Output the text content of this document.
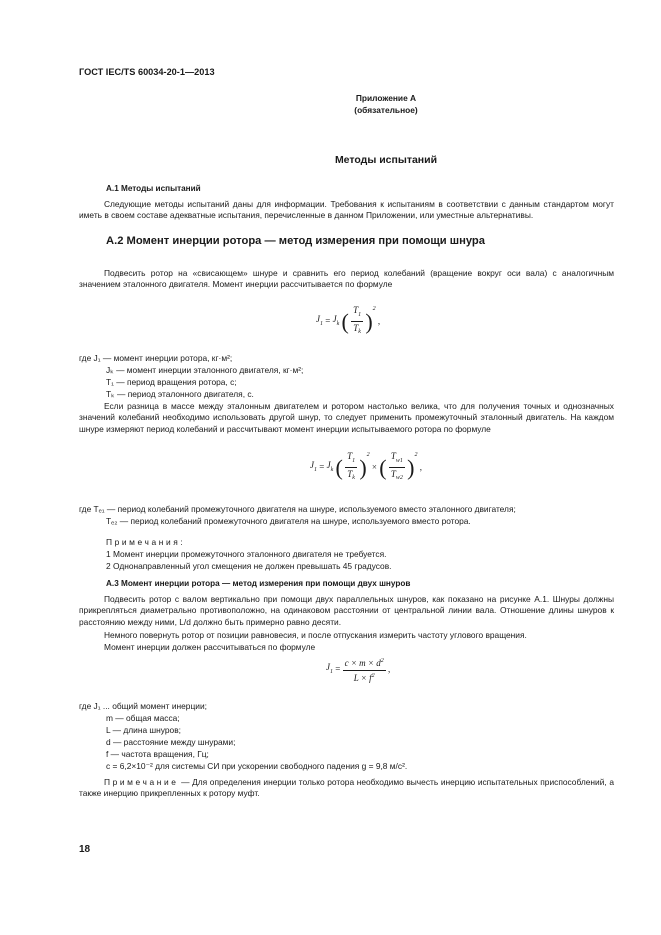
ГОСТ IEC/TS 60034-20-1—2013
Приложение А
(обязательное)
Методы испытаний
А.1 Методы испытаний
Следующие методы испытаний даны для информации. Требования к испытаниям в соответствии с данным стандартом могут иметь в своем составе адекватные испытания, перечисленные в данном Приложении, или уместные альтернативы.
А.2 Момент инерции ротора — метод измерения при помощи шнура
Подвесить ротор на «свисающем» шнуре и сравнить его период колебаний (вращение вокруг оси вала) с аналогичным значением эталонного двигателя. Момент инерции рассчитывается по формуле
$J_1 = J_k$ ( $\frac{T_1}{T_k} )^2$ ,
где J₁ — момент инерции ротора, кг·м²;
Jₖ — момент инерции эталонного двигателя, кг·м²;
T₁ — период вращения ротора, с;
Tₖ — период эталонного двигателя, с.
Если разница в массе между эталонным двигателем и ротором настолько велика, что для получения точных и однозначных значений колебаний необходимо использовать другой шнур, то следует применить промежуточный эталонный двигатель. На каждом шнуре измеряют период колебаний и рассчитывают момент инерции испытываемого ротора по формуле
$J_1 = J_k$ ( $\frac{T_1}{T_k} )^2$ × ( $\frac{T_{w1}}{T_{w2}} )^2$ ,
где Tₑ₁ — период колебаний промежуточного двигателя на шнуре, используемого вместо эталонного двигателя;
Tₑ₂ — период колебаний промежуточного двигателя на шнуре, используемого вместо ротора.
Примечания:
1 Момент инерции промежуточного эталонного двигателя не требуется.
2 Однонаправленный угол смещения не должен превышать 45 градусов.
А.3 Момент инерции ротора — метод измерения при помощи двух шнуров
Подвесить ротор с валом вертикально при помощи двух параллельных шнуров, как показано на рисунке А.1. Шнуры должны прикрепляться диаметрально противоположно, на одинаковом расстоянии от центральной линии вала. Отношение длины шнуров к расстоянию между ними, L/d должно быть примерно равно десяти.
Немного повернуть ротор от позиции равновесия, и после отпускания измерить частоту углового вращения.
Момент инерции должен рассчитываться по формуле
$J_1 = \frac{c \times m \times d^2}{L \times f^2}$ ,
где J₁ ... общий момент инерции;
m — общая масса;
L — длина шнуров;
d — расстояние между шнурами;
f — частота вращения, Гц;
c = 6,2×10⁻² для системы СИ при ускорении свободного падения g = 9,8 м/с².
Примечание — Для определения инерции только ротора необходимо вычесть инерцию испытательных приспособлений, а также инерцию прикрепленных к ротору муфт.
18
